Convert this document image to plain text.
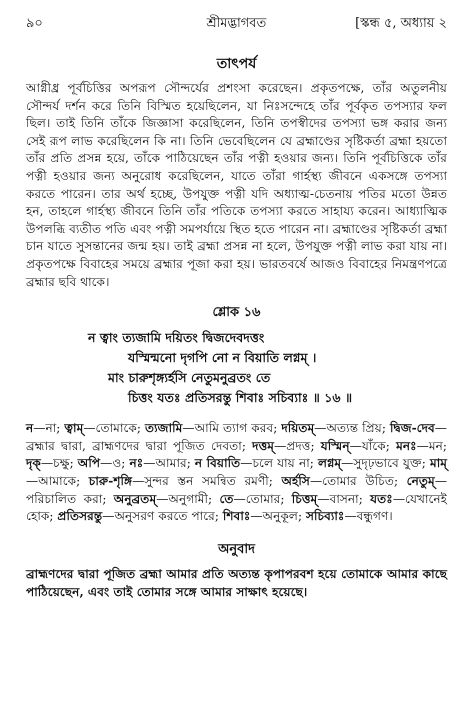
৯০	শ্রীমদ্ভাগবত	[স্কন্ধ ৫, অধ্যায় ২
তাৎপর্য
আগ্নীধ্র পূর্বচিত্তির অপরূপ সৌন্দর্যের প্রশংসা করেছেন। প্রকৃতপক্ষে, তাঁর অতুলনীয় সৌন্দর্য দর্শন করে তিনি বিস্মিত হয়েছিলেন, যা নিঃসন্দেহে তাঁর পূর্বকৃত তপস্যার ফল ছিল। তাই তিনি তাঁকে জিজ্ঞাসা করেছিলেন, তিনি তপস্বীদের তপস্যা ভঙ্গ করার জন্য সেই রূপ লাভ করেছিলেন কি না। তিনি ভেবেছিলেন যে ব্রহ্মাণ্ডের সৃষ্টিকর্তা ব্রহ্মা হয়তো তাঁর প্রতি প্রসন্ন হয়ে, তাঁকে পাঠিয়েছেন তাঁর পত্নী হওয়ার জন্য। তিনি পূর্বচিত্তিকে তাঁর পত্নী হওয়ার জন্য অনুরোধ করেছিলেন, যাতে তাঁরা গার্হস্থ্য জীবনে একসঙ্গে তপস্যা করতে পারেন। তার অর্থ হচ্ছে, উপযুক্ত পত্নী যদি অধ্যাত্ম-চেতনায় পতির মতো উন্নত হন, তাহলে গার্হস্থ্য জীবনে তিনি তাঁর পতিকে তপস্যা করতে সাহায্য করেন। আধ্যাত্মিক উপলব্ধি ব্যতীত পতি এবং পত্নী সমপর্যায়ে স্থিত হতে পারেন না। ব্রহ্মাণ্ডের সৃষ্টিকর্তা ব্রহ্মা চান যাতে সুসন্তানের জন্ম হয়। তাই ব্রহ্মা প্রসন্ন না হলে, উপযুক্ত পত্নী লাভ করা যায় না। প্রকৃতপক্ষে বিবাহের সময়ে ব্রহ্মার পূজা করা হয়। ভারতবর্ষে আজও বিবাহের নিমন্ত্রণপত্রে ব্রহ্মার ছবি থাকে।
শ্লোক ১৬
ন ত্বাং ত্যজামি দয়িতং দ্বিজদেবদত্তং
যস্মিন্মনো দৃগপি নো ন বিয়াতি লগ্নম্ ।
মাং চারুশৃঙ্গ্যর্হসি নেতুমনুব্রতং তে
চিত্তং যতঃ প্রতিসরন্তু শিবাঃ সচিব্যাঃ ॥ ১৬ ॥
ন—না; ত্বাম্—তোমাকে; ত্যজামি—আমি ত্যাগ করব; দয়িতম্—অত্যন্ত প্রিয়; দ্বিজ-দেব—ব্রহ্মার দ্বারা, ব্রাহ্মণদের দ্বারা পূজিত দেবতা; দত্তম্—প্রদত্ত; যস্মিন্—যাঁকে; মনঃ—মন; দৃক্—চক্ষু; অপি—ও; নঃ—আমার; ন বিয়াতি—চলে যায় না; লগ্নম্—সুদৃঢ়ভাবে যুক্ত; মাম্—আমাকে; চারু-শৃঙ্গি—সুন্দর স্তন সমন্বিত রমণী; অর্হসি—তোমার উচিত; নেতুম্—পরিচালিত করা; অনুব্রতম্—অনুগামী; তে—তোমার; চিত্তম্—বাসনা; যতঃ—যেখানেই হোক; প্রতিসরন্তু—অনুসরণ করতে পারে; শিবাঃ—অনুকূল; সচিব্যাঃ—বন্ধুগণ।
অনুবাদ
ব্রাহ্মণদের দ্বারা পূজিত ব্রহ্মা আমার প্রতি অত্যন্ত কৃপাপরবশ হয়ে তোমাকে আমার কাছে পাঠিয়েছেন, এবং তাই তোমার সঙ্গে আমার সাক্ষাৎ হয়েছে।
